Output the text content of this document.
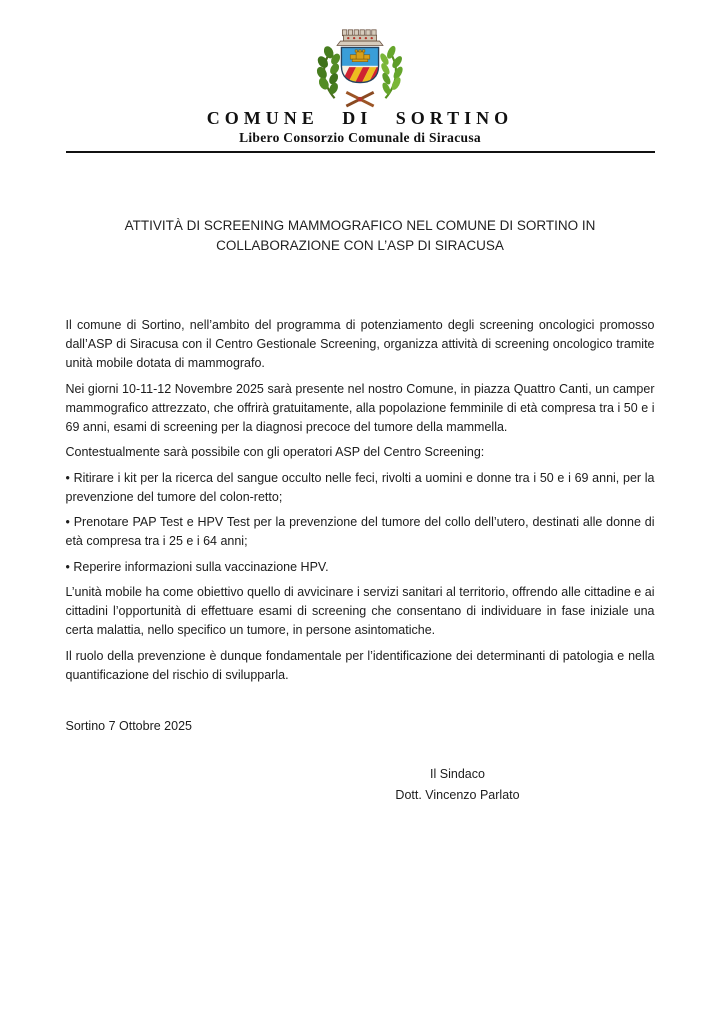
COMUNE DI SORTINO
Libero Consorzio Comunale di Siracusa
ATTIVITÀ DI SCREENING MAMMOGRAFICO NEL COMUNE DI SORTINO IN
COLLABORAZIONE CON L’ASP DI SIRACUSA

Il comune di Sortino, nell’ambito del programma di potenziamento degli screening oncologici promosso dall’ASP di Siracusa con il Centro Gestionale Screening, organizza attività di screening oncologico tramite unità mobile dotata di mammografo.

Nei giorni 10-11-12 Novembre 2025 sarà presente nel nostro Comune, in piazza Quattro Canti, un camper mammografico attrezzato, che offrirà gratuitamente, alla popolazione femminile di età compresa tra i 50 e i 69 anni, esami di screening per la diagnosi precoce del tumore della mammella.

Contestualmente sarà possibile con gli operatori ASP del Centro Screening:

• Ritirare i kit per la ricerca del sangue occulto nelle feci, rivolti a uomini e donne tra i 50 e i 69 anni, per la prevenzione del tumore del colon-retto;

• Prenotare PAP Test e HPV Test per la prevenzione del tumore del collo dell’utero, destinati alle donne di età compresa tra i 25 e i 64 anni;

• Reperire informazioni sulla vaccinazione HPV.

L’unità mobile ha come obiettivo quello di avvicinare i servizi sanitari al territorio, offrendo alle cittadine e ai cittadini l’opportunità di effettuare esami di screening che consentano di individuare in fase iniziale una certa malattia, nello specifico un tumore, in persone asintomatiche.

Il ruolo della prevenzione è dunque fondamentale per l’identificazione dei determinanti di patologia e nella quantificazione del rischio di svilupparla.

Sortino 7 Ottobre 2025
Il Sindaco
Dott. Vincenzo Parlato
